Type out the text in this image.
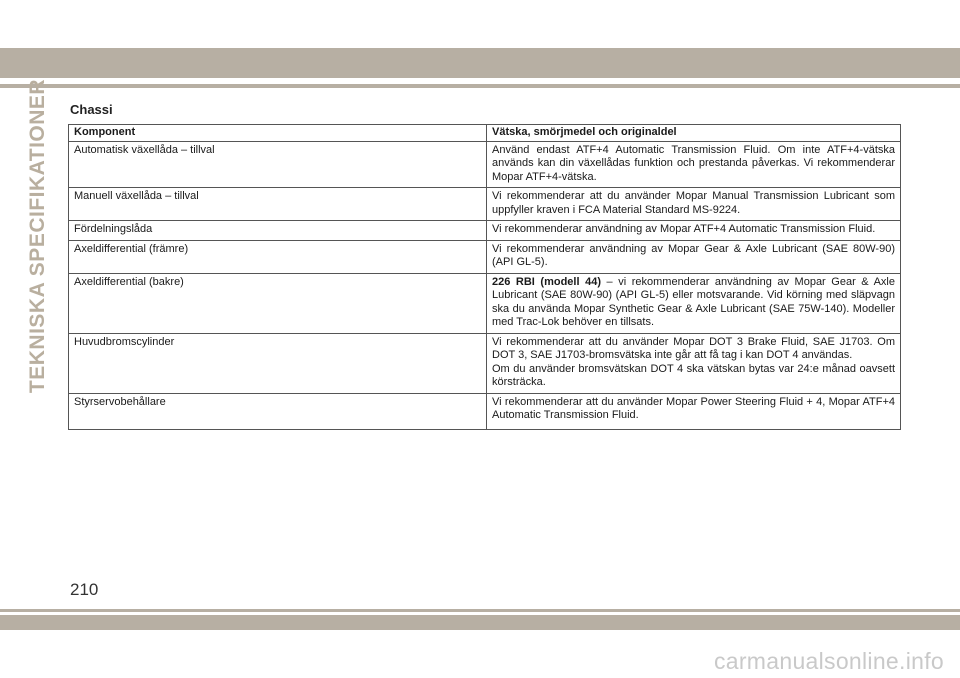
TEKNISKA SPECIFIKATIONER Chassi
Komponent	Vätska, smörjmedel och originaldel
Automatisk växellåda – tillval	Använd endast ATF+4 Automatic Transmission Fluid. Om inte ATF+4-vätska används kan din växellådas funktion och prestanda påverkas. Vi rekommenderar Mopar ATF+4-vätska.
Manuell växellåda – tillval	Vi rekommenderar att du använder Mopar Manual Transmission Lubricant som uppfyller kraven i FCA Material Standard MS-9224.
Fördelningslåda	Vi rekommenderar användning av Mopar ATF+4 Automatic Transmission Fluid.
Axeldifferential (främre)	Vi rekommenderar användning av Mopar Gear & Axle Lubricant (SAE 80W-90) (API GL-5).
Axeldifferential (bakre)	226 RBI (modell 44) – vi rekommenderar användning av Mopar Gear & Axle Lubricant (SAE 80W-90) (API GL-5) eller motsvarande. Vid körning med släpvagn ska du använda Mopar Synthetic Gear & Axle Lubricant (SAE 75W-140). Modeller med Trac-Lok behöver en tillsats.
Huvudbromscylinder	Vi rekommenderar att du använder Mopar DOT 3 Brake Fluid, SAE J1703. Om DOT 3, SAE J1703-bromsvätska inte går att få tag i kan DOT 4 användas.
Om du använder bromsvätskan DOT 4 ska vätskan bytas var 24:e månad oavsett körsträcka.

Styrservobehållare	Vi rekommenderar att du använder Mopar Power Steering Fluid + 4, Mopar ATF+4 Automatic Transmission Fluid.
210
carmanualsonline.info
